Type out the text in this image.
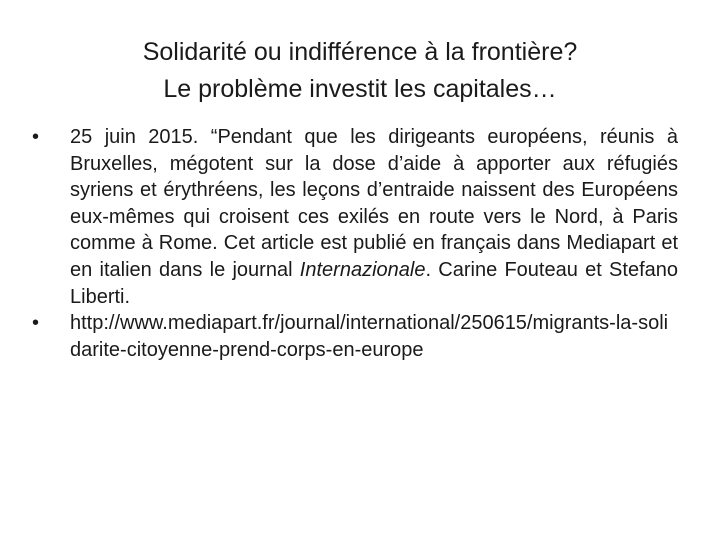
Solidarité ou indifférence à la frontière?
Le problème investit les capitales…
•	25 juin 2015. “Pendant que les dirigeants européens, réunis à Bruxelles, mégotent sur la dose d’aide à apporter aux réfugiés syriens et érythréens, les leçons d’entraide naissent des Européens eux-mêmes qui croisent ces exilés en route vers le Nord, à Paris comme à Rome. Cet article est publié en français dans Mediapart et en italien dans le journal Internazionale. Carine Fouteau et Stefano Liberti.
•	http://www.mediapart.fr/journal/international/250615/migrants-la-solidarite-citoyenne-prend-corps-en-europe
